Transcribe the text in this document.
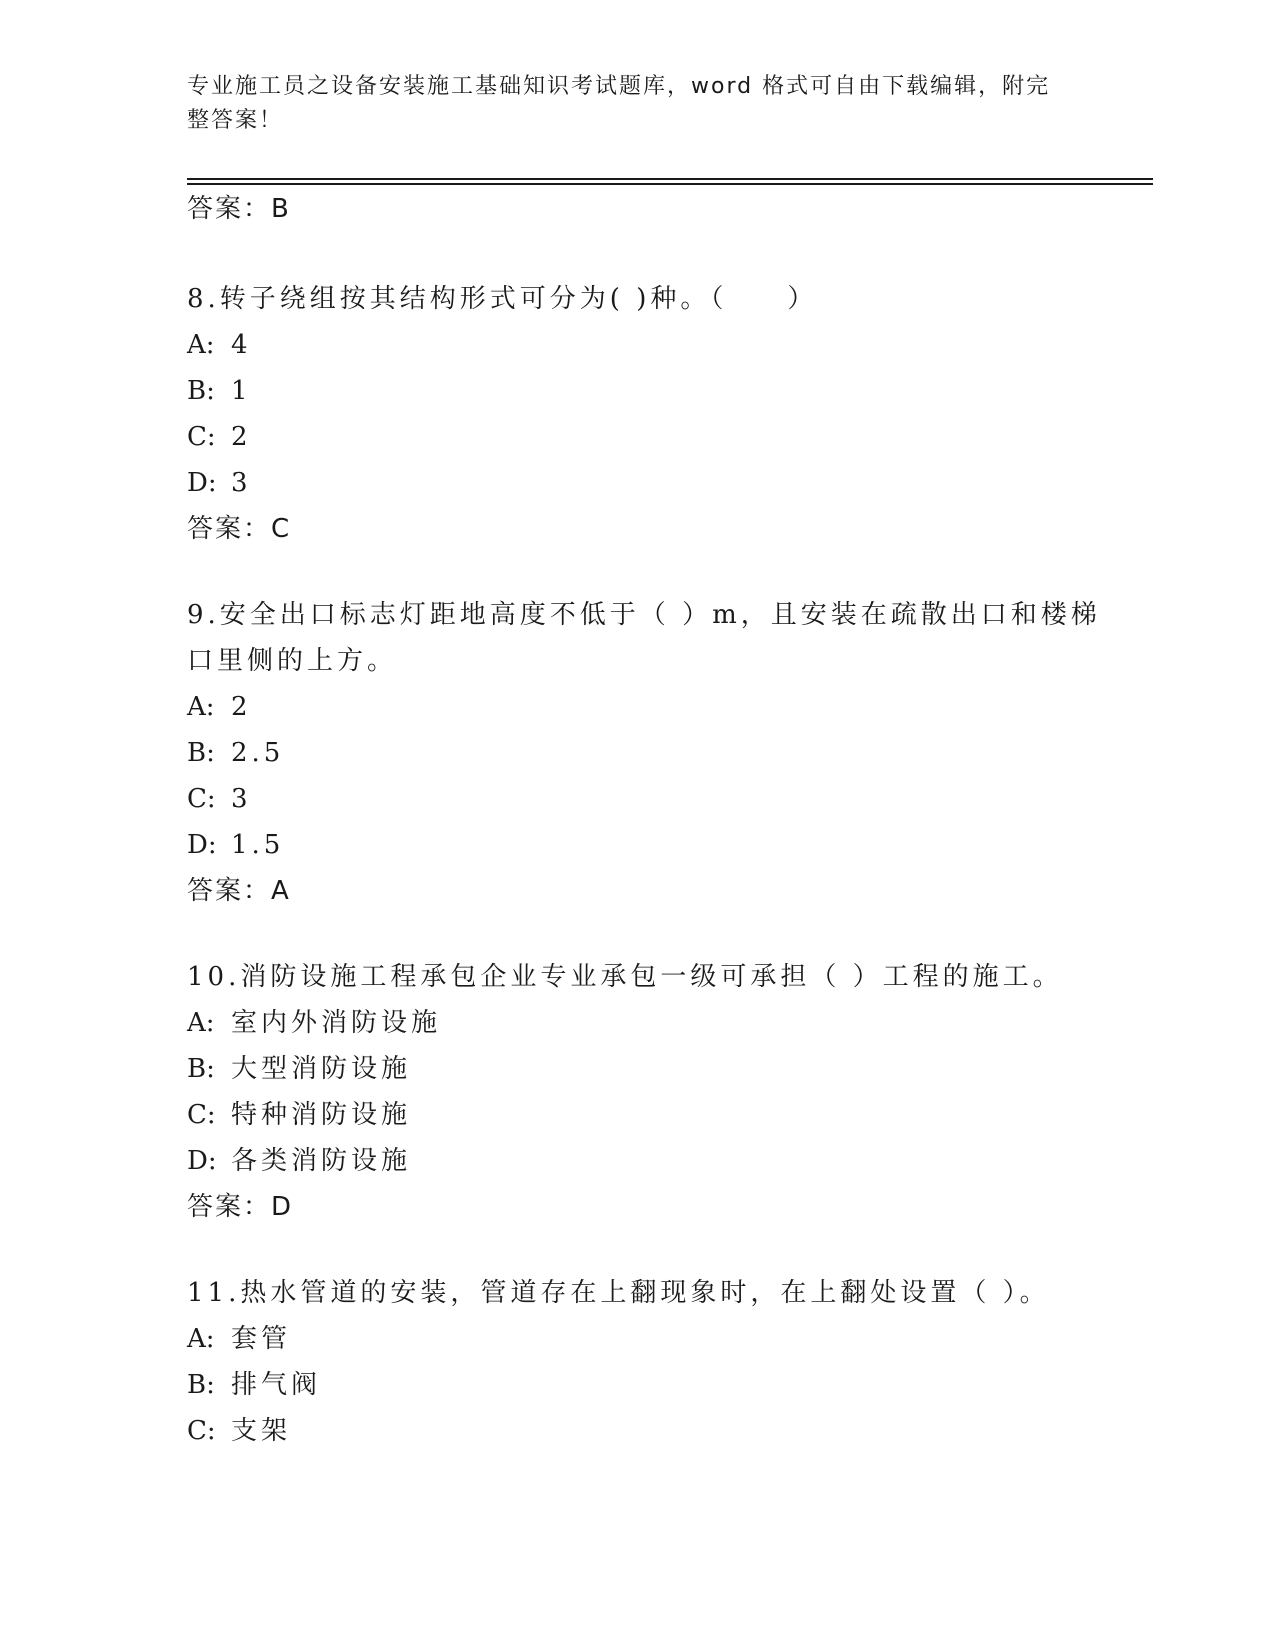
专业施工员之设备安装施工基础知识考试题库，word 格式可自由下载编辑，附完
整答案！
答案：B
8.转子绕组按其结构形式可分为( )种。（　　）
A: 4
B: 1
C: 2
D: 3
答案：C
9.安全出口标志灯距地高度不低于（ ）m，且安装在疏散出口和楼梯
口里侧的上方。
A: 2
B: 2.5
C: 3
D: 1.5
答案：A
10.消防设施工程承包企业专业承包一级可承担（ ）工程的施工。
A: 室内外消防设施
B: 大型消防设施
C: 特种消防设施
D: 各类消防设施
答案：D
11.热水管道的安装，管道存在上翻现象时，在上翻处设置（ ）。
A: 套管
B: 排气阀
C: 支架
